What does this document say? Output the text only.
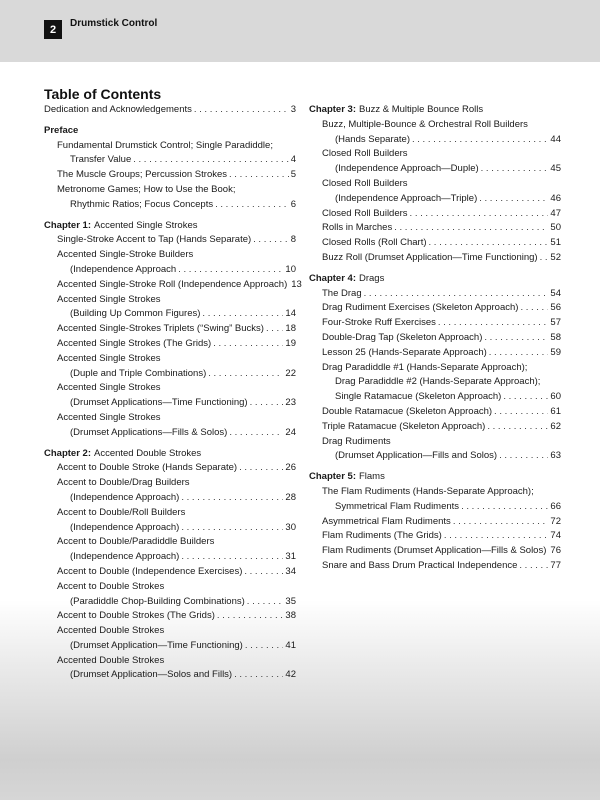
2	Drumstick Control
Table of Contents
Dedication and Acknowledgements . . .	3
Preface
Fundamental Drumstick Control; Single Paradiddle;
Transfer Value . . .	4
The Muscle Groups; Percussion Strokes . . .	5
Metronome Games; How to Use the Book;
Rhythmic Ratios; Focus Concepts . . .	6
Chapter 1: Accented Single Strokes
Single-Stroke Accent to Tap (Hands Separate) . . .	8
Accented Single-Stroke Builders
(Independence Approach . . .	10
Accented Single-Stroke Roll (Independence Approach) 13
Accented Single Strokes
(Building Up Common Figures) . . .	14
Accented Single-Strokes Triplets (“Swing” Bucks) . . . 18
Accented Single Strokes (The Grids) . . .	19
Accented Single Strokes
(Duple and Triple Combinations) . . .	22
Accented Single Strokes
(Drumset Applications—Time Functioning) . . .	23
Accented Single Strokes
(Drumset Applications—Fills & Solos) . . .	24
Chapter 2: Accented Double Strokes
Accent to Double Stroke (Hands Separate) . . .	26
Accent to Double/Drag Builders
(Independence Approach) . . .	28
Accent to Double/Roll Builders
(Independence Approach) . . .	30
Accent to Double/Paradiddle Builders
(Independence Approach) . . .	31
Accent to Double (Independence Exercises) . . .	34
Accent to Double Strokes
(Paradiddle Chop-Building Combinations) . . .	35
Accent to Double Strokes (The Grids) . . .	38
Accented Double Strokes
(Drumset Application—Time Functioning) . . .	41
Accented Double Strokes
(Drumset Application—Solos and Fills) . . .	42
Chapter 3: Buzz & Multiple Bounce Rolls
Buzz, Multiple-Bounce & Orchestral Roll Builders
(Hands Separate) . . .	44
Closed Roll Builders
(Independence Approach—Duple) . . .	45
Closed Roll Builders
(Independence Approach—Triple) . . .	46
Closed Roll Builders . . .	47
Rolls in Marches . . .	50
Closed Rolls (Roll Chart) . . .	51
Buzz Roll (Drumset Application—Time Functioning) . . . 52
Chapter 4: Drags
The Drag . . .	54
Drag Rudiment Exercises (Skeleton Approach) . . .	56
Four-Stroke Ruff Exercises . . .	57
Double-Drag Tap (Skeleton Approach) . . .	58
Lesson 25 (Hands-Separate Approach) . . .	59
Drag Paradiddle #1 (Hands-Separate Approach);
Drag Paradiddle #2 (Hands-Separate Approach);
Single Ratamacue (Skeleton Approach) . . .	60
Double Ratamacue (Skeleton Approach) . . .	61
Triple Ratamacue (Skeleton Approach) . . .	62
Drag Rudiments
(Drumset Application—Fills and Solos) . . .	63
Chapter 5: Flams
The Flam Rudiments (Hands-Separate Approach);
Symmetrical Flam Rudiments . . .	66
Asymmetrical Flam Rudiments . . .	72
Flam Rudiments (The Grids) . . .	74
Flam Rudiments (Drumset Application—Fills & Solos) . . . 76
Snare and Bass Drum Practical Independence . . .	77
